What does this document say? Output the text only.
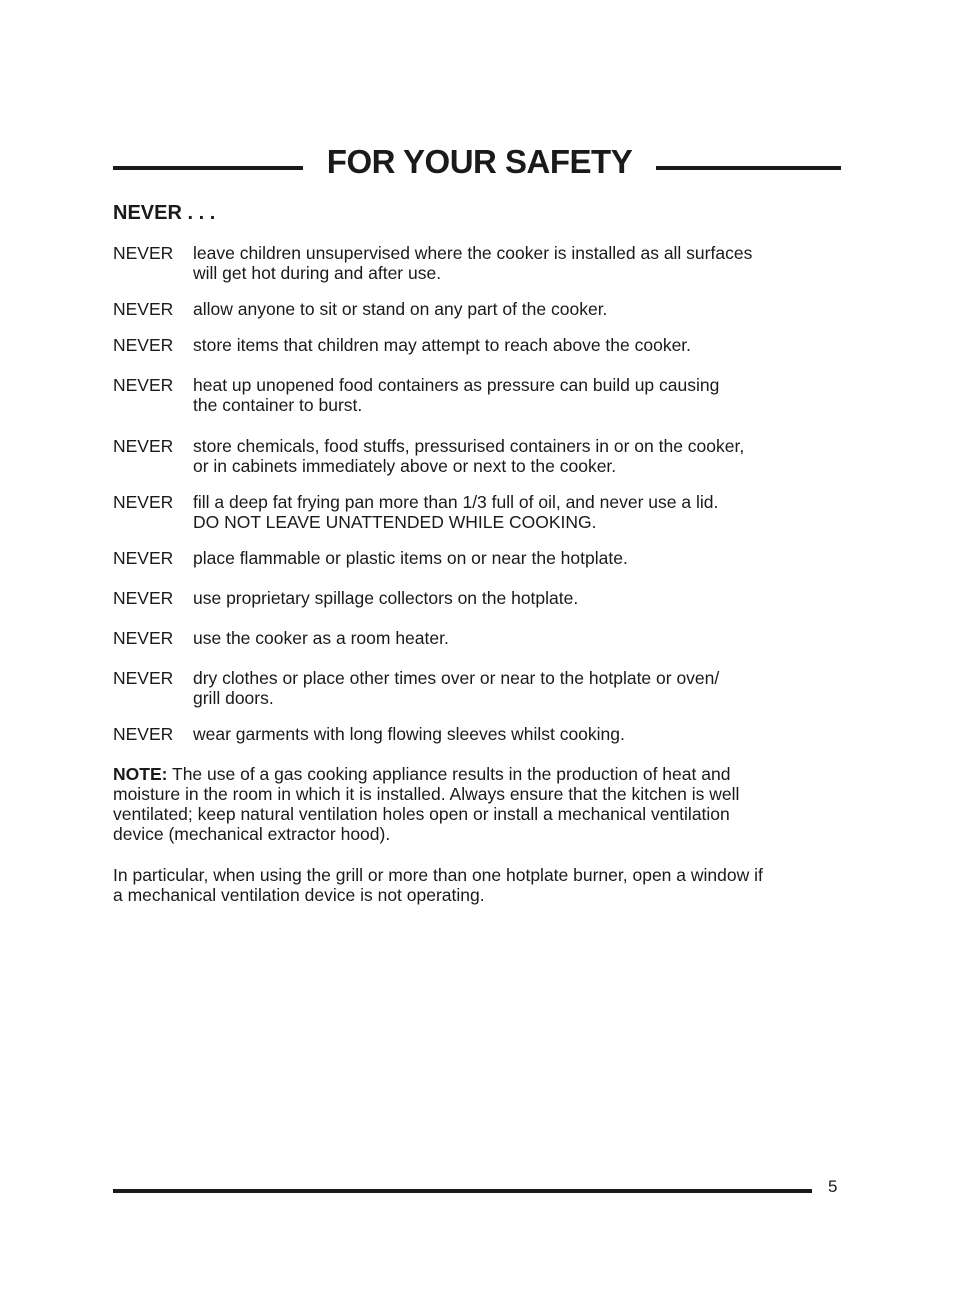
FOR YOUR SAFETY
NEVER . . .
NEVER leave children unsupervised where the cooker is installed as all surfaces
will get hot during and after use.
NEVER allow anyone to sit or stand on any part of the cooker.
NEVER store items that children may attempt to reach above the cooker.
NEVER heat up unopened food containers as pressure can build up causing
the container to burst.
NEVER store chemicals, food stuffs, pressurised containers in or on the cooker,
or in cabinets immediately above or next to the cooker.
NEVER fill a deep fat frying pan more than 1/3 full of oil, and never use a lid.
DO NOT LEAVE UNATTENDED WHILE COOKING.
NEVER place flammable or plastic items on or near the hotplate.
NEVER use proprietary spillage collectors on the hotplate.
NEVER use the cooker as a room heater.
NEVER dry clothes or place other times over or near to the hotplate or oven/
grill doors.
NEVER wear garments with long flowing sleeves whilst cooking.

NOTE: The use of a gas cooking appliance results in the production of heat and
moisture in the room in which it is installed. Always ensure that the kitchen is well
ventilated; keep natural ventilation holes open or install a mechanical ventilation
device (mechanical extractor hood).

In particular, when using the grill or more than one hotplate burner, open a window if
a mechanical ventilation device is not operating.

5
